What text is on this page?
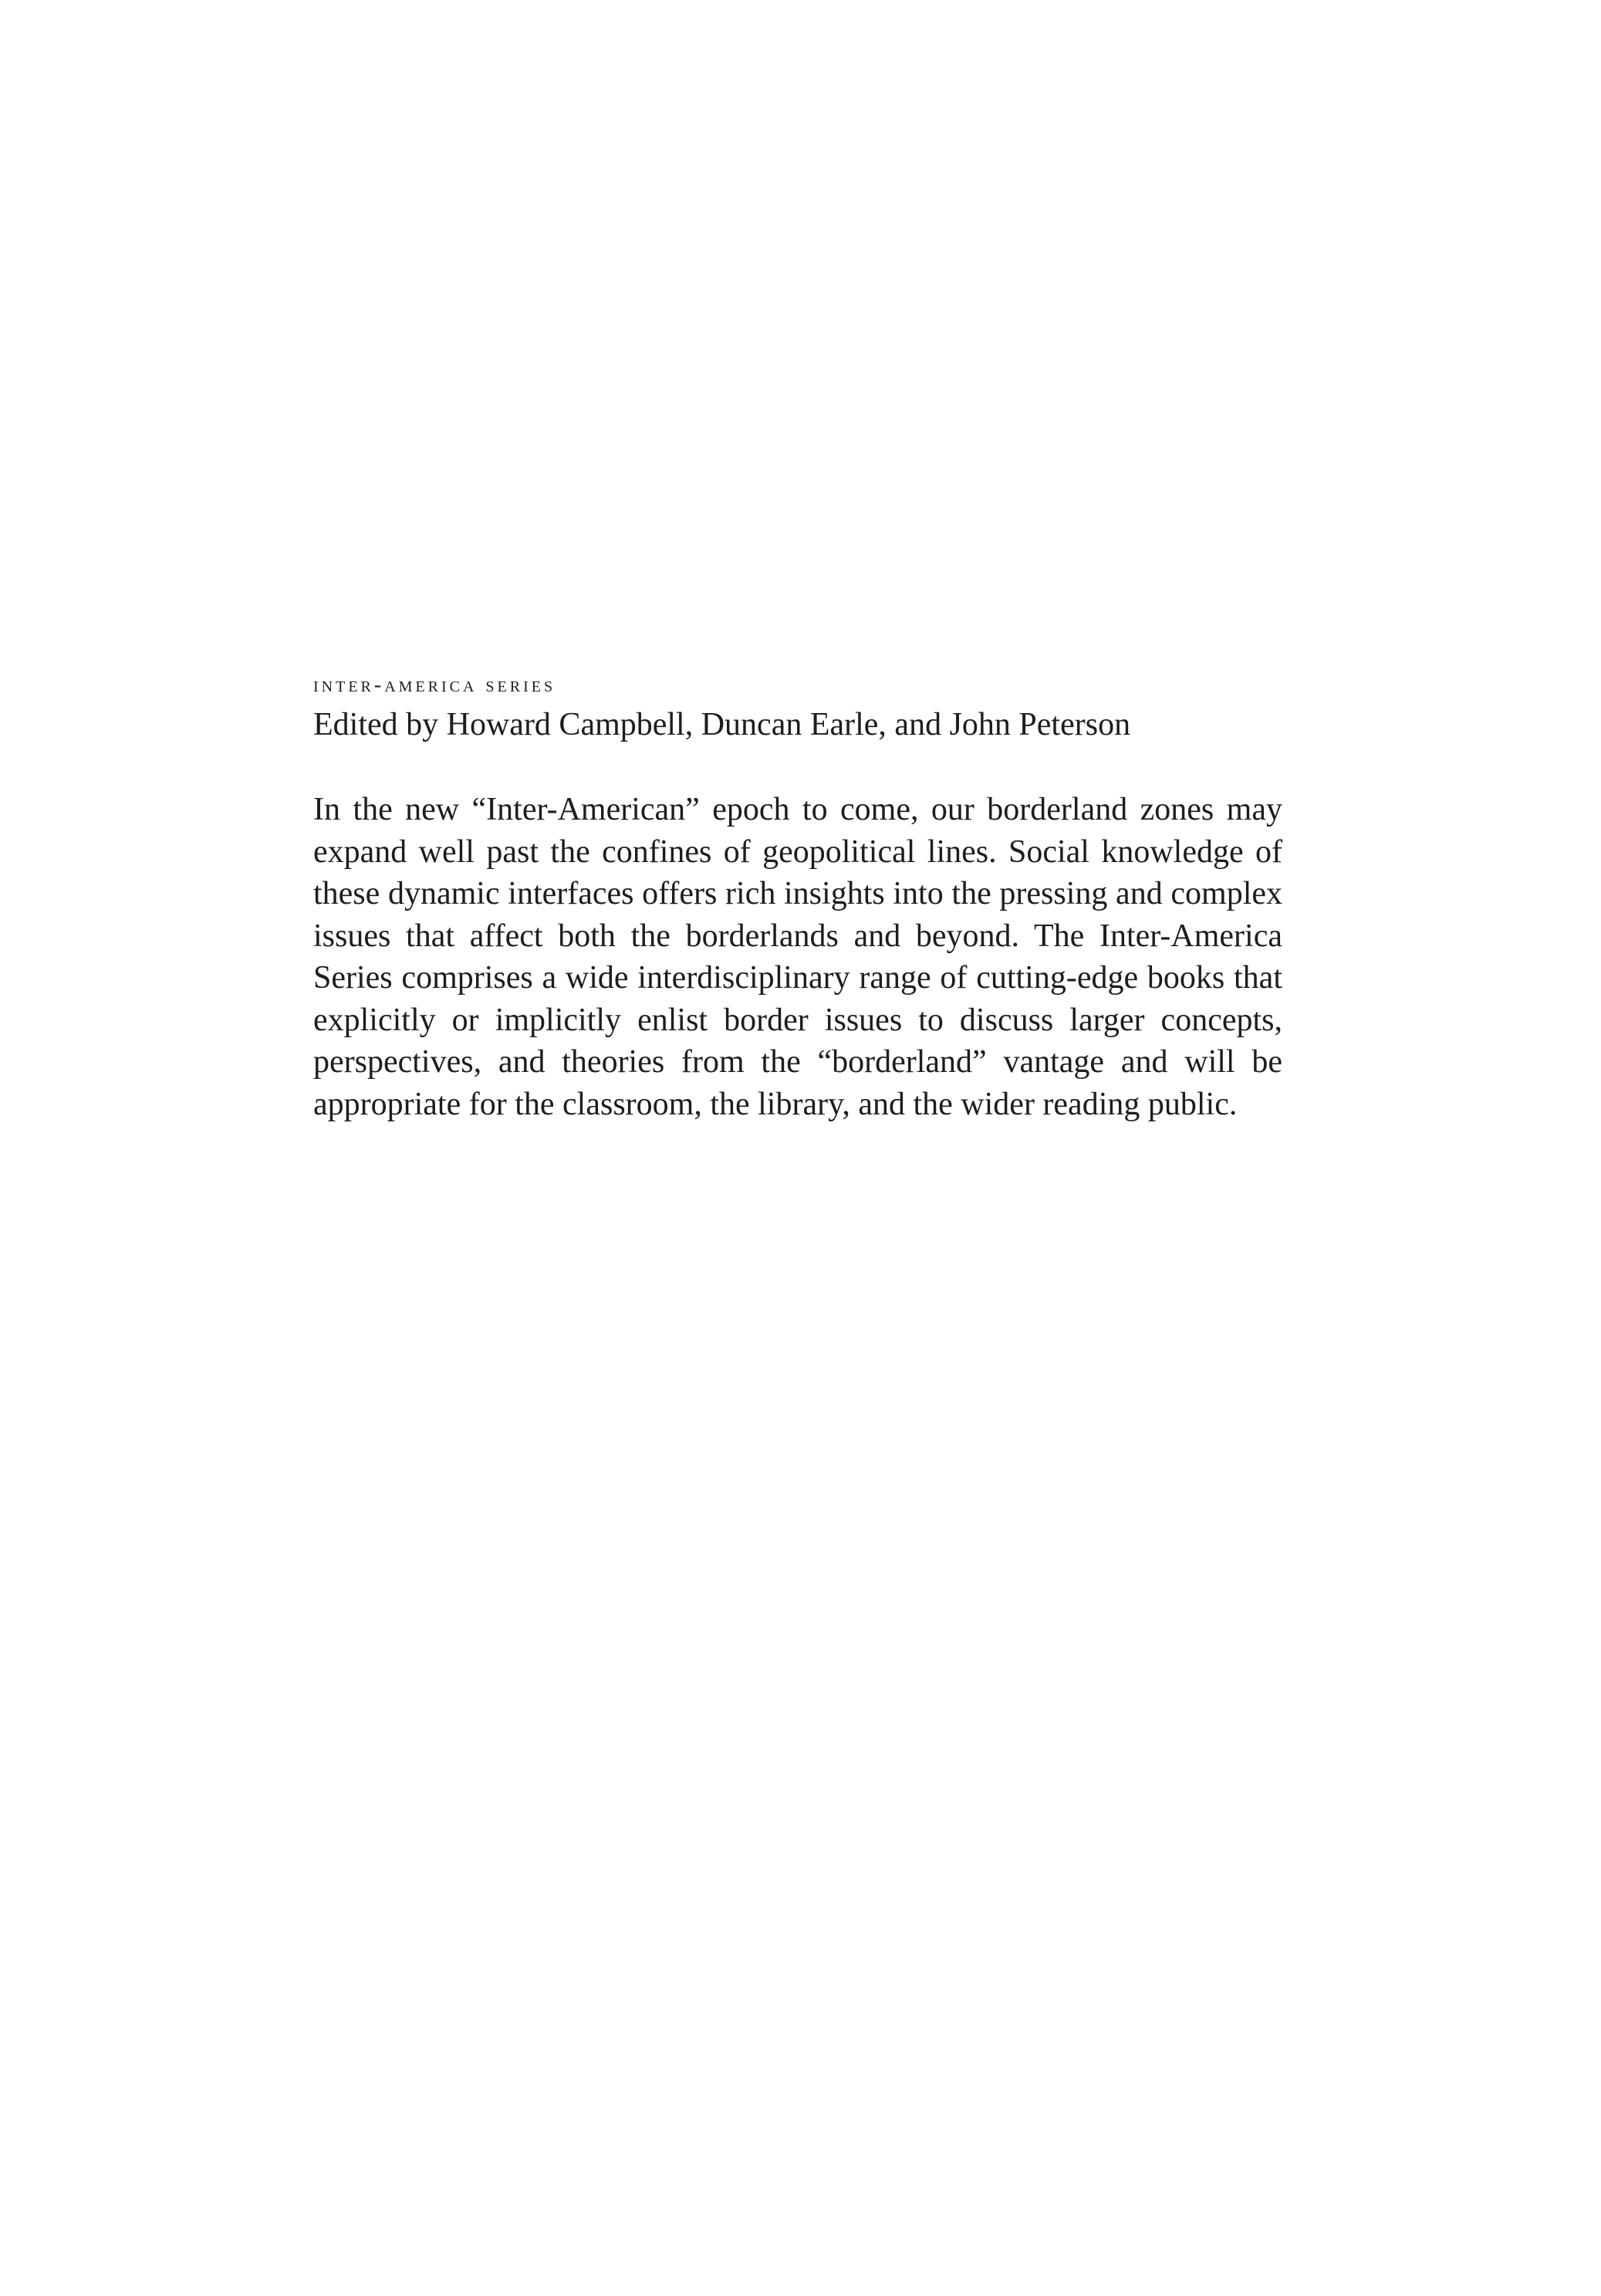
inter-america series

Edited by Howard Campbell, Duncan Earle, and John Peterson

In the new “Inter-American” epoch to come, our borderland zones may expand well past the confines of geopolitical lines. Social knowledge of these dynamic interfaces offers rich insights into the pressing and complex issues that affect both the borderlands and beyond. The Inter-America Series comprises a wide interdisciplinary range of cutting-edge books that explicitly or implicitly enlist border issues to discuss larger concepts, perspectives, and theories from the “borderland” vantage and will be appropriate for the classroom, the library, and the wider reading public.
